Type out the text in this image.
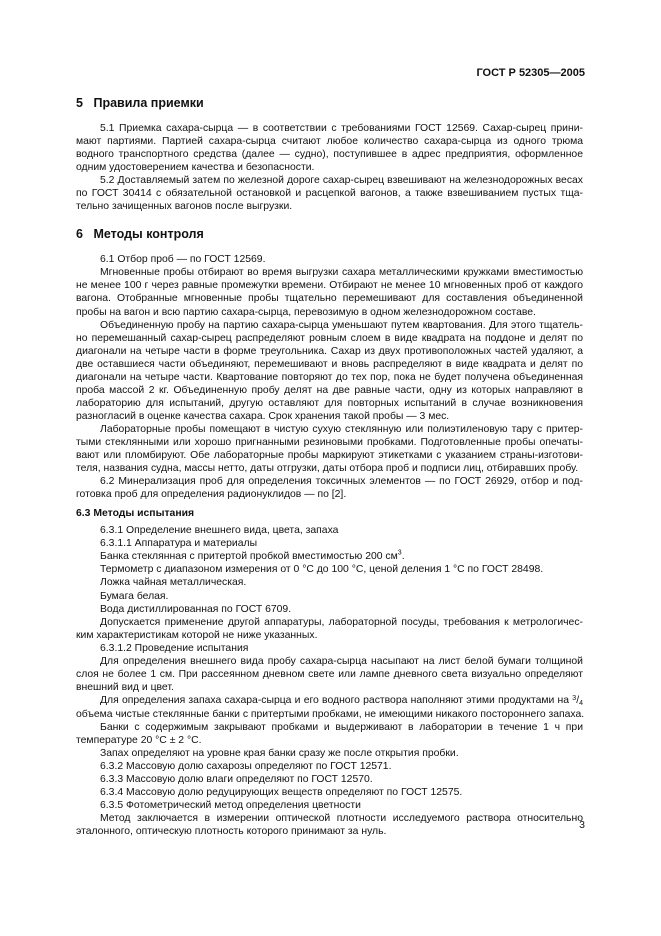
ГОСТ Р 52305—2005
5 Правила приемки
5.1 Приемка сахара-сырца — в соответствии с требованиями ГОСТ 12569. Сахар-сырец прини-
мают партиями. Партией сахара-сырца считают любое количество сахара-сырца из одного трюма
водного транспортного средства (далее — судно), поступившее в адрес предприятия, оформленное
одним удостоверением качества и безопасности.
5.2 Доставляемый затем по железной дороге сахар-сырец взвешивают на железнодорожных весах
по ГОСТ 30414 с обязательной остановкой и расцепкой вагонов, а также взвешиванием пустых тща-
тельно зачищенных вагонов после выгрузки.
6 Методы контроля
6.1 Отбор проб — по ГОСТ 12569.
Мгновенные пробы отбирают во время выгрузки сахара металлическими кружками вместимостью
не менее 100 г через равные промежутки времени. Отбирают не менее 10 мгновенных проб от каждого
вагона. Отобранные мгновенные пробы тщательно перемешивают для составления объединенной
пробы на вагон и всю партию сахара-сырца, перевозимую в одном железнодорожном составе.
Объединенную пробу на партию сахара-сырца уменьшают путем квартования. Для этого тщатель-
но перемешанный сахар-сырец распределяют ровным слоем в виде квадрата на поддоне и делят по
диагонали на четыре части в форме треугольника. Сахар из двух противоположных частей удаляют, а
две оставшиеся части объединяют, перемешивают и вновь распределяют в виде квадрата и делят по
диагонали на четыре части. Квартование повторяют до тех пор, пока не будет получена объединенная
проба массой 2 кг. Объединенную пробу делят на две равные части, одну из которых направляют в
лабораторию для испытаний, другую оставляют для повторных испытаний в случае возникновения
разногласий в оценке качества сахара. Срок хранения такой пробы — 3 мес.
Лабораторные пробы помещают в чистую сухую стеклянную или полиэтиленовую тару с притер-
тыми стеклянными или хорошо пригнанными резиновыми пробками. Подготовленные пробы опечаты-
вают или пломбируют. Обе лабораторные пробы маркируют этикетками с указанием страны-изготови-
теля, названия судна, массы нетто, даты отгрузки, даты отбора проб и подписи лиц, отбиравших пробу.
6.2 Минерализация проб для определения токсичных элементов — по ГОСТ 26929, отбор и под-
готовка проб для определения радионуклидов — по [2].
6.3 Методы испытания
6.3.1 Определение внешнего вида, цвета, запаха
6.3.1.1 Аппаратура и материалы
Банка стеклянная с притертой пробкой вместимостью 200 $см^3$.
Термометр с диапазоном измерения от 0 °С до 100 °С, ценой деления 1 °С по ГОСТ 28498.
Ложка чайная металлическая.
Бумага белая.
Вода дистиллированная по ГОСТ 6709.
Допускается применение другой аппаратуры, лабораторной посуды, требования к метрологичес-
ким характеристикам которой не ниже указанных.
6.3.1.2 Проведение испытания
Для определения внешнего вида пробу сахара-сырца насыпают на лист белой бумаги толщиной
слоя не более 1 см. При рассеянном дневном свете или лампе дневного света визуально определяют
внешний вид и цвет.
Для определения запаха сахара-сырца и его водного раствора наполняют этими продуктами на $^3$/4
объема чистые стеклянные банки с притертыми пробками, не имеющими никакого постороннего запаха.
Банки с содержимым закрывают пробками и выдерживают в лаборатории в течение 1 ч при
температуре 20 °С ± 2 °С.
Запах определяют на уровне края банки сразу же после открытия пробки.
6.3.2 Массовую долю сахарозы определяют по ГОСТ 12571.
6.3.3 Массовую долю влаги определяют по ГОСТ 12570.
6.3.4 Массовую долю редуцирующих веществ определяют по ГОСТ 12575.
6.3.5 Фотометрический метод определения цветности
Метод заключается в измерении оптической плотности исследуемого раствора относительно
эталонного, оптическую плотность которого принимают за нуль.
3
